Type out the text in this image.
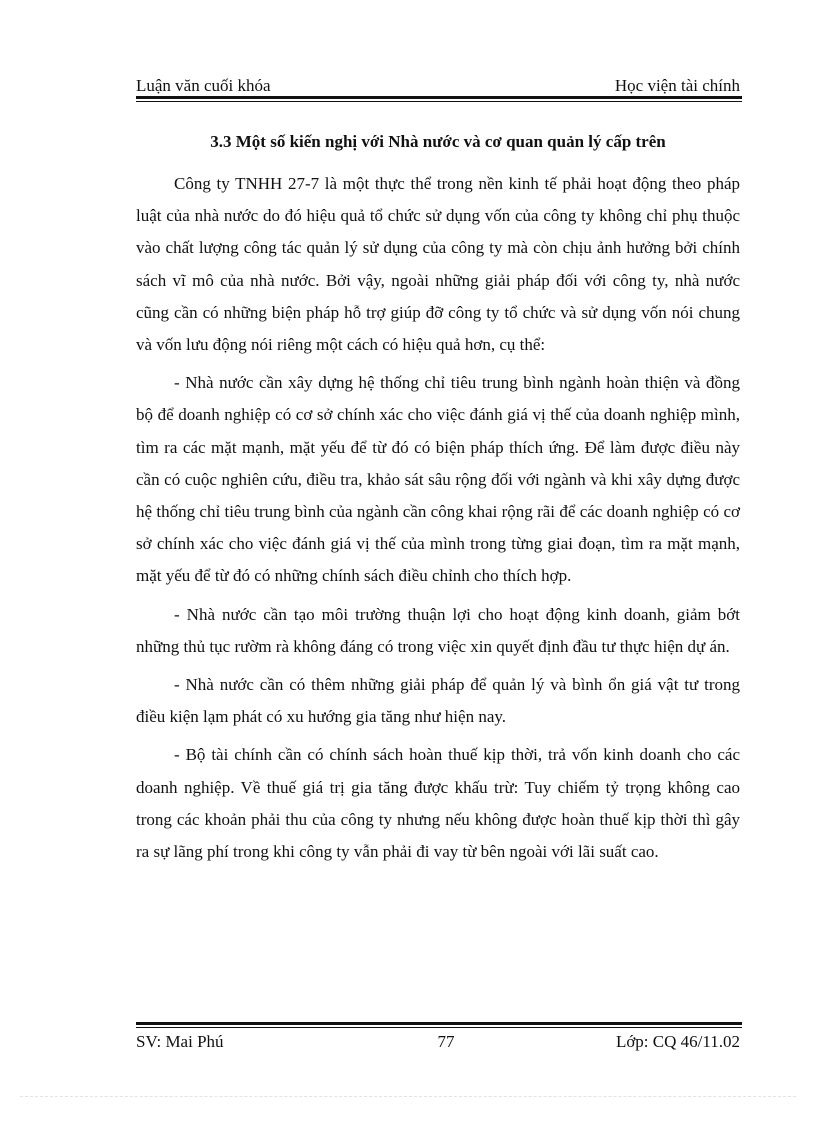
Luận văn cuối khóa	Học viện tài chính
3.3 Một số kiến nghị với Nhà nước và cơ quan quản lý cấp trên

Công ty TNHH 27-7 là một thực thể trong nền kinh tế phải hoạt động theo pháp luật của nhà nước do đó hiệu quả tổ chức sử dụng vốn của công ty không chỉ phụ thuộc vào chất lượng công tác quản lý sử dụng của công ty mà còn chịu ảnh hưởng bởi chính sách vĩ mô của nhà nước. Bởi vậy, ngoài những giải pháp đối với công ty, nhà nước cũng cần có những biện pháp hỗ trợ giúp đỡ công ty tổ chức và sử dụng vốn nói chung và vốn lưu động nói riêng một cách có hiệu quả hơn, cụ thể:

- Nhà nước cần xây dựng hệ thống chỉ tiêu trung bình ngành hoàn thiện và đồng bộ để doanh nghiệp có cơ sở chính xác cho việc đánh giá vị thế của doanh nghiệp mình, tìm ra các mặt mạnh, mặt yếu để từ đó có biện pháp thích ứng. Để làm được điều này cần có cuộc nghiên cứu, điều tra, khảo sát sâu rộng đối với ngành và khi xây dựng được hệ thống chỉ tiêu trung bình của ngành cần công khai rộng rãi để các doanh nghiệp có cơ sở chính xác cho việc đánh giá vị thế của mình trong từng giai đoạn, tìm ra mặt mạnh, mặt yếu để từ đó có những chính sách điều chỉnh cho thích hợp.

- Nhà nước cần tạo môi trường thuận lợi cho hoạt động kinh doanh, giảm bớt những thủ tục rườm rà không đáng có trong việc xin quyết định đầu tư thực hiện dự án.

- Nhà nước cần có thêm những giải pháp để quản lý và bình ổn giá vật tư trong điều kiện lạm phát có xu hướng gia tăng như hiện nay.

- Bộ tài chính cần có chính sách hoàn thuế kịp thời, trả vốn kinh doanh cho các doanh nghiệp. Về thuế giá trị gia tăng được khấu trừ: Tuy chiếm tỷ trọng không cao trong các khoản phải thu của công ty nhưng nếu không được hoàn thuế kịp thời thì gây ra sự lãng phí trong khi công ty vẫn phải đi vay từ bên ngoài với lãi suất cao.

SV: Mai Phú	77	Lớp: CQ 46/11.02
